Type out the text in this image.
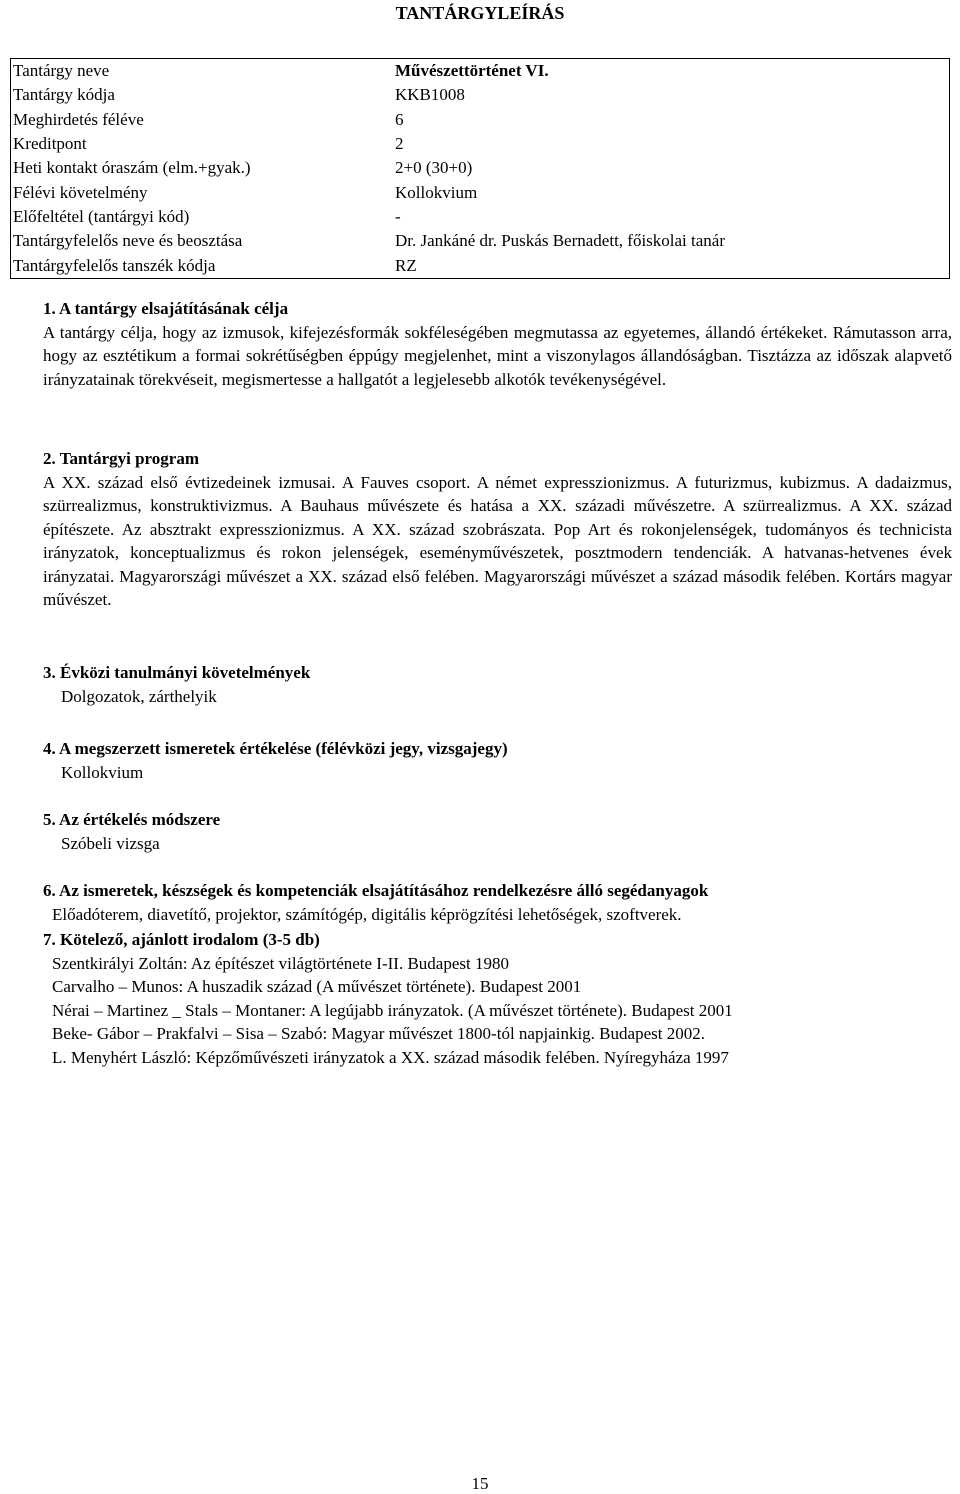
TANTÁRGYLEÍRÁS
Tantárgy neve	Művészettörténet VI.
Tantárgy kódja	KKB1008
Meghirdetés féléve	6
Kreditpont	2
Heti kontakt óraszám (elm.+gyak.)	2+0 (30+0)
Félévi követelmény	Kollokvium
Előfeltétel (tantárgyi kód)	-
Tantárgyfelelős neve és beosztása	Dr. Jankáné dr. Puskás Bernadett, főiskolai tanár
Tantárgyfelelős tanszék kódja	RZ
1. A tantárgy elsajátításának célja
A tantárgy célja, hogy az izmusok, kifejezésformák sokféleségében megmutassa az egyetemes, állandó értékeket. Rámutasson arra, hogy az esztétikum a formai sokrétűségben éppúgy megjelenhet, mint a viszonylagos állandóságban. Tisztázza az időszak alapvető irányzatainak törekvéseit, megismertesse a hallgatót a legjelesebb alkotók tevékenységével.
2. Tantárgyi program
A XX. század első évtizedeinek izmusai. A Fauves csoport. A német expresszionizmus. A futurizmus, kubizmus. A dadaizmus, szürrealizmus, konstruktivizmus. A Bauhaus művészete és hatása a XX. századi művészetre. A szürrealizmus. A XX. század építészete. Az absztrakt expresszionizmus. A XX. század szobrászata. Pop Art és rokonjelenségek, tudományos és technicista irányzatok, konceptualizmus és rokon jelenségek, eseményművészetek, posztmodern tendenciák. A hatvanas-hetvenes évek irányzatai. Magyarországi művészet a XX. század első felében. Magyarországi művészet a század második felében. Kortárs magyar művészet.
3. Évközi tanulmányi követelmények
Dolgozatok, zárthelyik
4. A megszerzett ismeretek értékelése (félévközi jegy, vizsgajegy)
Kollokvium
5. Az értékelés módszere
Szóbeli vizsga
6. Az ismeretek, készségek és kompetenciák elsajátításához rendelkezésre álló segédanyagok
Előadóterem, diavetítő, projektor, számítógép, digitális képrögzítési lehetőségek, szoftverek.
7. Kötelező, ajánlott irodalom (3-5 db)
Szentkirályi Zoltán: Az építészet világtörténete I-II. Budapest 1980
Carvalho – Munos: A huszadik század (A művészet története). Budapest 2001
Nérai – Martinez _ Stals – Montaner: A legújabb irányzatok. (A művészet története). Budapest 2001
Beke- Gábor – Prakfalvi – Sisa – Szabó: Magyar művészet 1800-tól napjainkig. Budapest 2002.
L. Menyhért László: Képzőművészeti irányzatok a XX. század második felében. Nyíregyháza 1997
15
